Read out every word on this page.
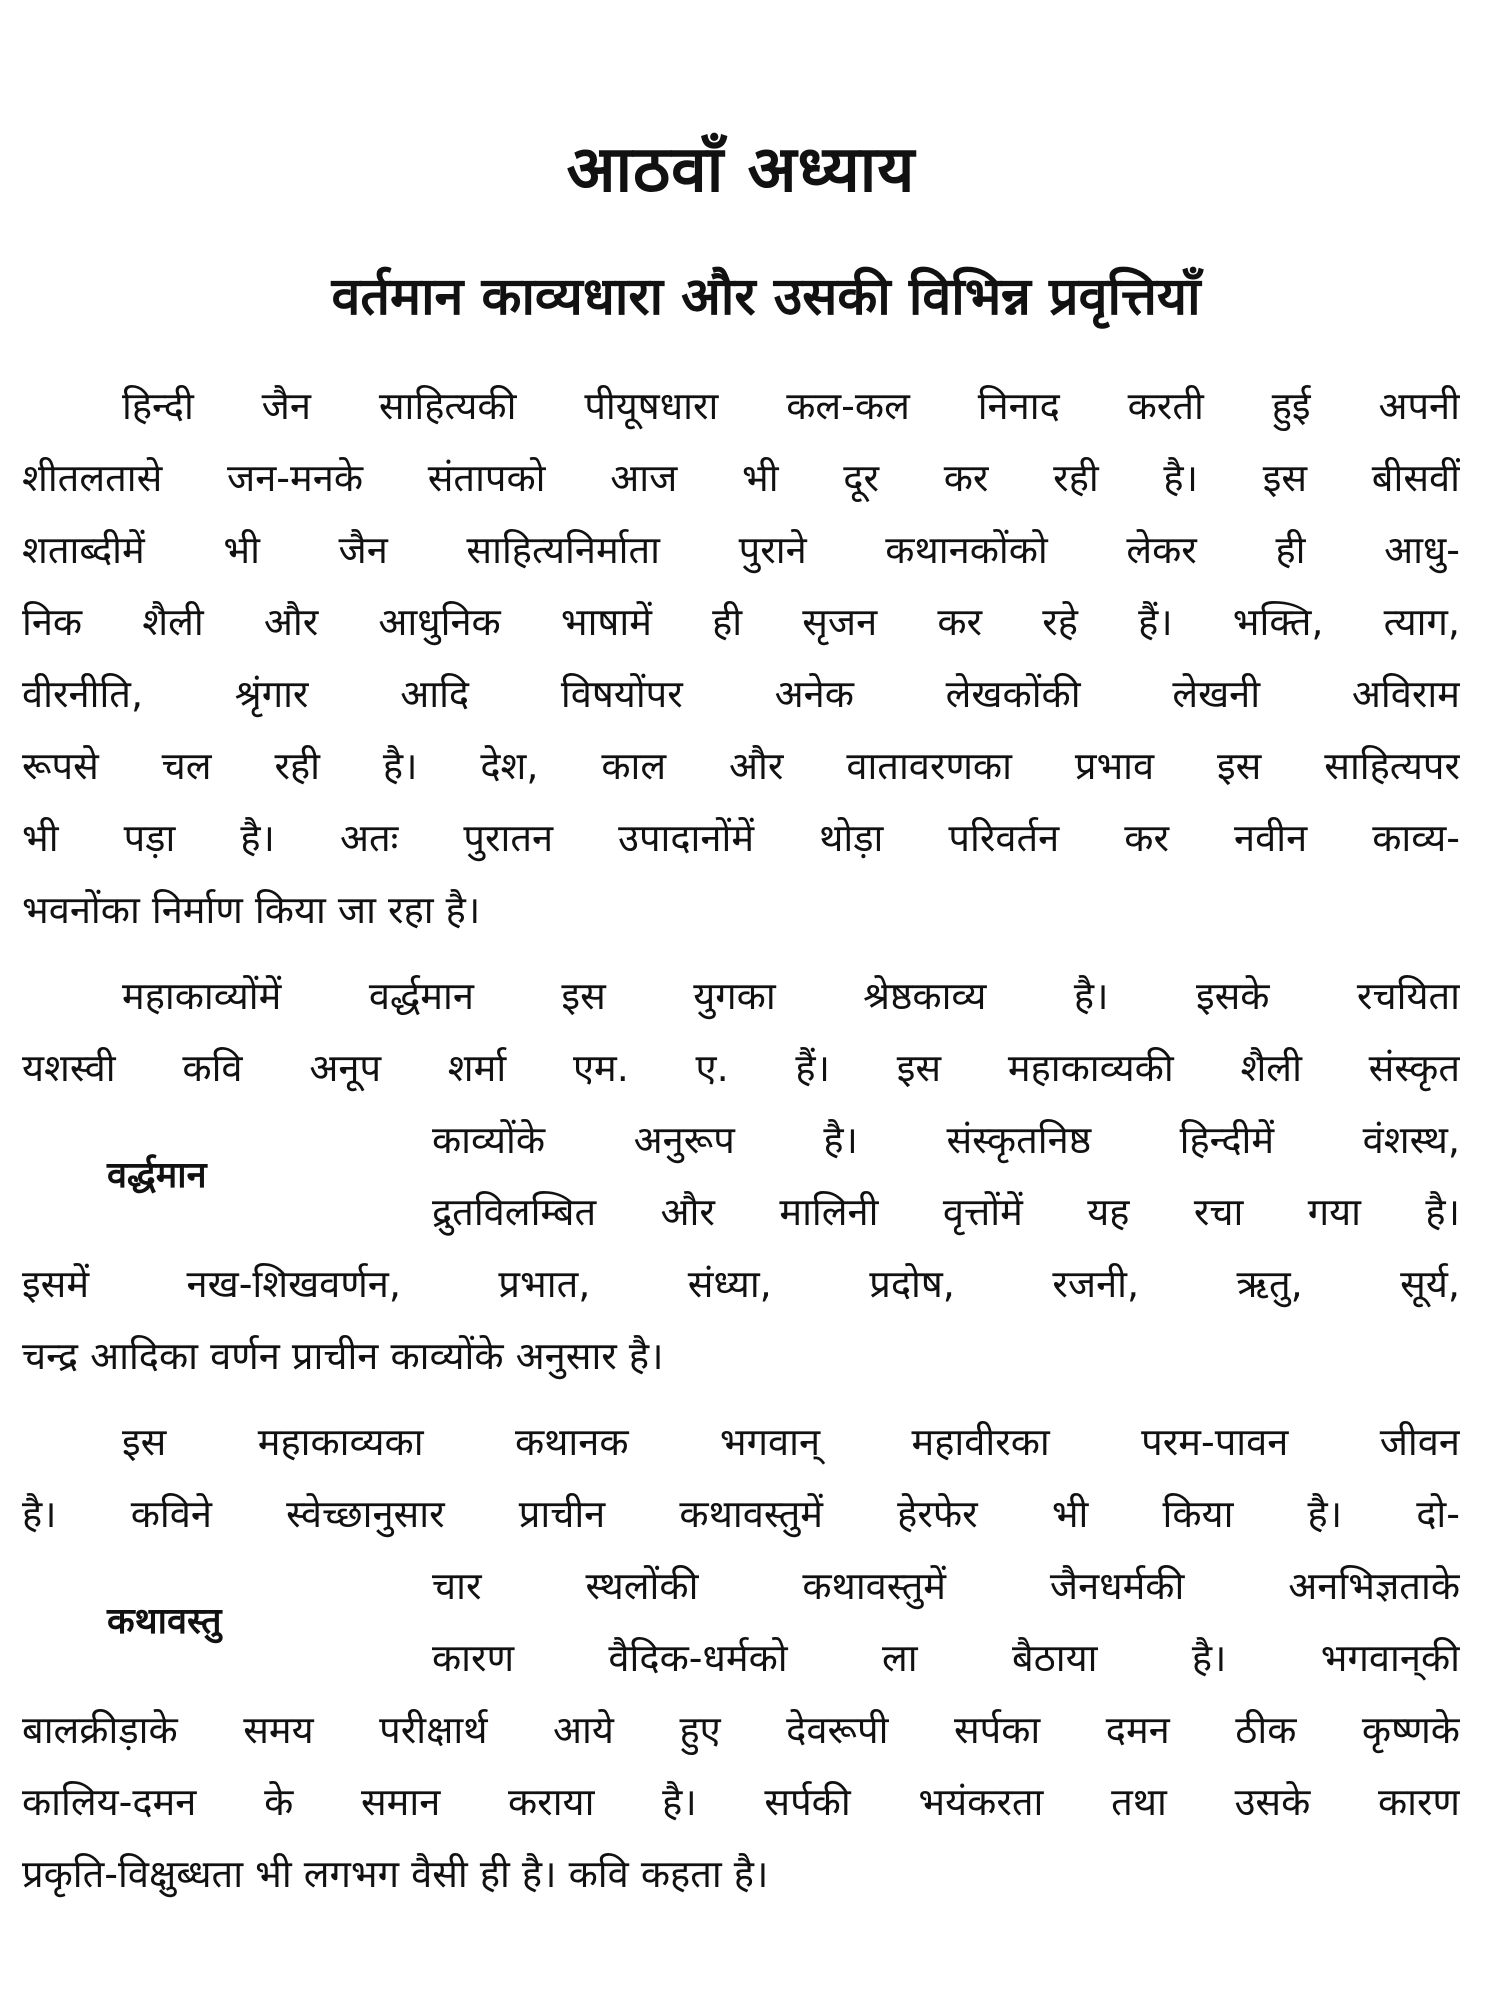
आठवाँ अध्याय
वर्तमान काव्यधारा और उसकी विभिन्न प्रवृत्तियाँ
हिन्दी जैन साहित्यकी पीयूषधारा कल-कल निनाद करती हुई अपनी
शीतलतासे जन-मनके संतापको आज भी दूर कर रही है। इस बीसवीं
शताब्दीमें भी जैन साहित्यनिर्माता पुराने कथानकोंको लेकर ही आधु-
निक शैली और आधुनिक भाषामें ही सृजन कर रहे हैं। भक्ति, त्याग,
वीरनीति, श्रृंगार आदि विषयोंपर अनेक लेखकोंकी लेखनी अविराम
रूपसे चल रही है। देश, काल और वातावरणका प्रभाव इस साहित्यपर
भी पड़ा है। अतः पुरातन उपादानोंमें थोड़ा परिवर्तन कर नवीन काव्य-
भवनोंका निर्माण किया जा रहा है।
वर्द्धमान
महाकाव्योंमें वर्द्धमान इस युगका श्रेष्ठकाव्य है। इसके रचयिता
यशस्वी कवि अनूप शर्मा एम. ए. हैं। इस महाकाव्यकी शैली संस्कृत
काव्योंके अनुरूप है। संस्कृतनिष्ठ हिन्दीमें वंशस्थ,
द्रुतविलम्बित और मालिनी वृत्तोंमें यह रचा गया है।
इसमें नख-शिखवर्णन, प्रभात, संध्या, प्रदोष, रजनी, ऋतु, सूर्य,
चन्द्र आदिका वर्णन प्राचीन काव्योंके अनुसार है।
कथावस्तु
इस महाकाव्यका कथानक भगवान् महावीरका परम-पावन जीवन
है। कविने स्वेच्छानुसार प्राचीन कथावस्तुमें हेरफेर भी किया है। दो-
चार स्थलोंकी कथावस्तुमें जैनधर्मकी अनभिज्ञताके
कारण वैदिक-धर्मको ला बैठाया है। भगवान्‌की
बालक्रीड़ाके समय परीक्षार्थ आये हुए देवरूपी सर्पका दमन ठीक कृष्णके
कालिय-दमन के समान कराया है। सर्पकी भयंकरता तथा उसके कारण
प्रकृति-विक्षुब्धता भी लगभग वैसी ही है। कवि कहता है।
